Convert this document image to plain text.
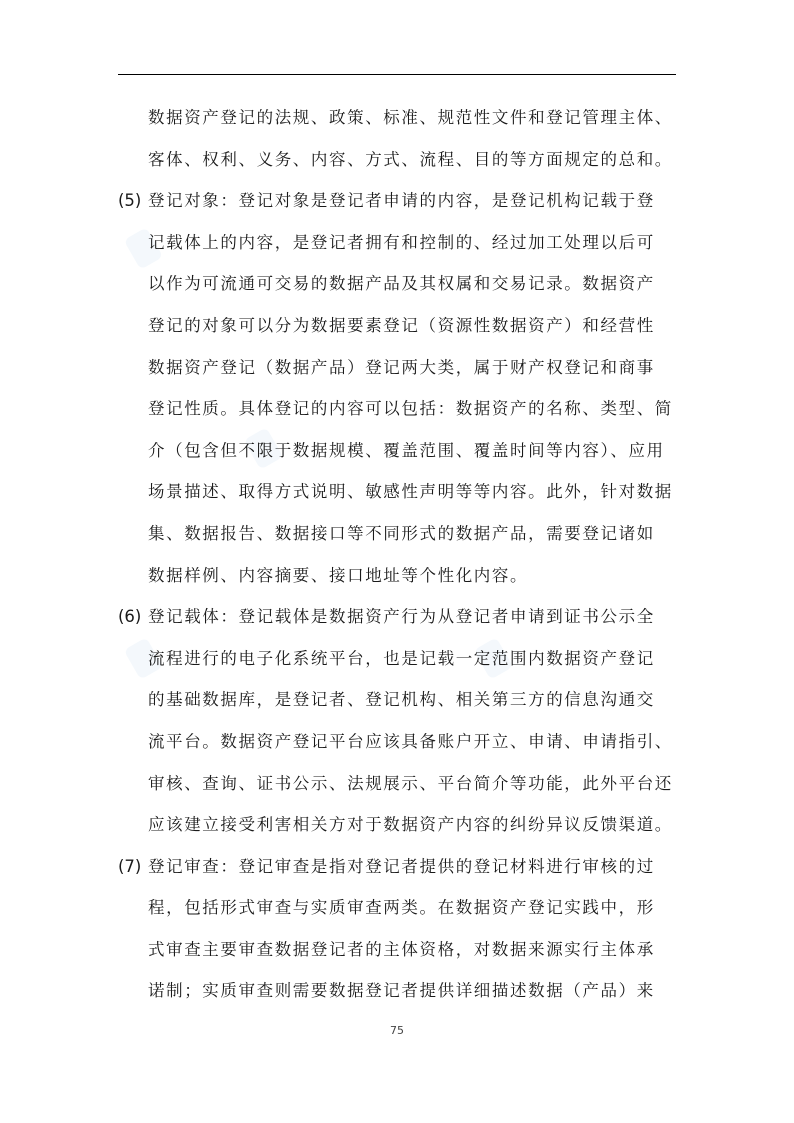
数据资产登记的法规、政策、标准、规范性文件和登记管理主体、
客体、权利、义务、内容、方式、流程、目的等方面规定的总和。
(5) 登记对象：登记对象是登记者申请的内容，是登记机构记载于登
记载体上的内容，是登记者拥有和控制的、经过加工处理以后可
以作为可流通可交易的数据产品及其权属和交易记录。数据资产
登记的对象可以分为数据要素登记（资源性数据资产）和经营性
数据资产登记（数据产品）登记两大类，属于财产权登记和商事
登记性质。具体登记的内容可以包括：数据资产的名称、类型、简
介（包含但不限于数据规模、覆盖范围、覆盖时间等内容）、应用
场景描述、取得方式说明、敏感性声明等等内容。此外，针对数据
集、数据报告、数据接口等不同形式的数据产品，需要登记诸如
数据样例、内容摘要、接口地址等个性化内容。
(6) 登记载体：登记载体是数据资产行为从登记者申请到证书公示全
流程进行的电子化系统平台，也是记载一定范围内数据资产登记
的基础数据库，是登记者、登记机构、相关第三方的信息沟通交
流平台。数据资产登记平台应该具备账户开立、申请、申请指引、
审核、查询、证书公示、法规展示、平台简介等功能，此外平台还
应该建立接受利害相关方对于数据资产内容的纠纷异议反馈渠道。
(7) 登记审查：登记审查是指对登记者提供的登记材料进行审核的过
程，包括形式审查与实质审查两类。在数据资产登记实践中，形
式审查主要审查数据登记者的主体资格，对数据来源实行主体承
诺制；实质审查则需要数据登记者提供详细描述数据（产品）来
75
